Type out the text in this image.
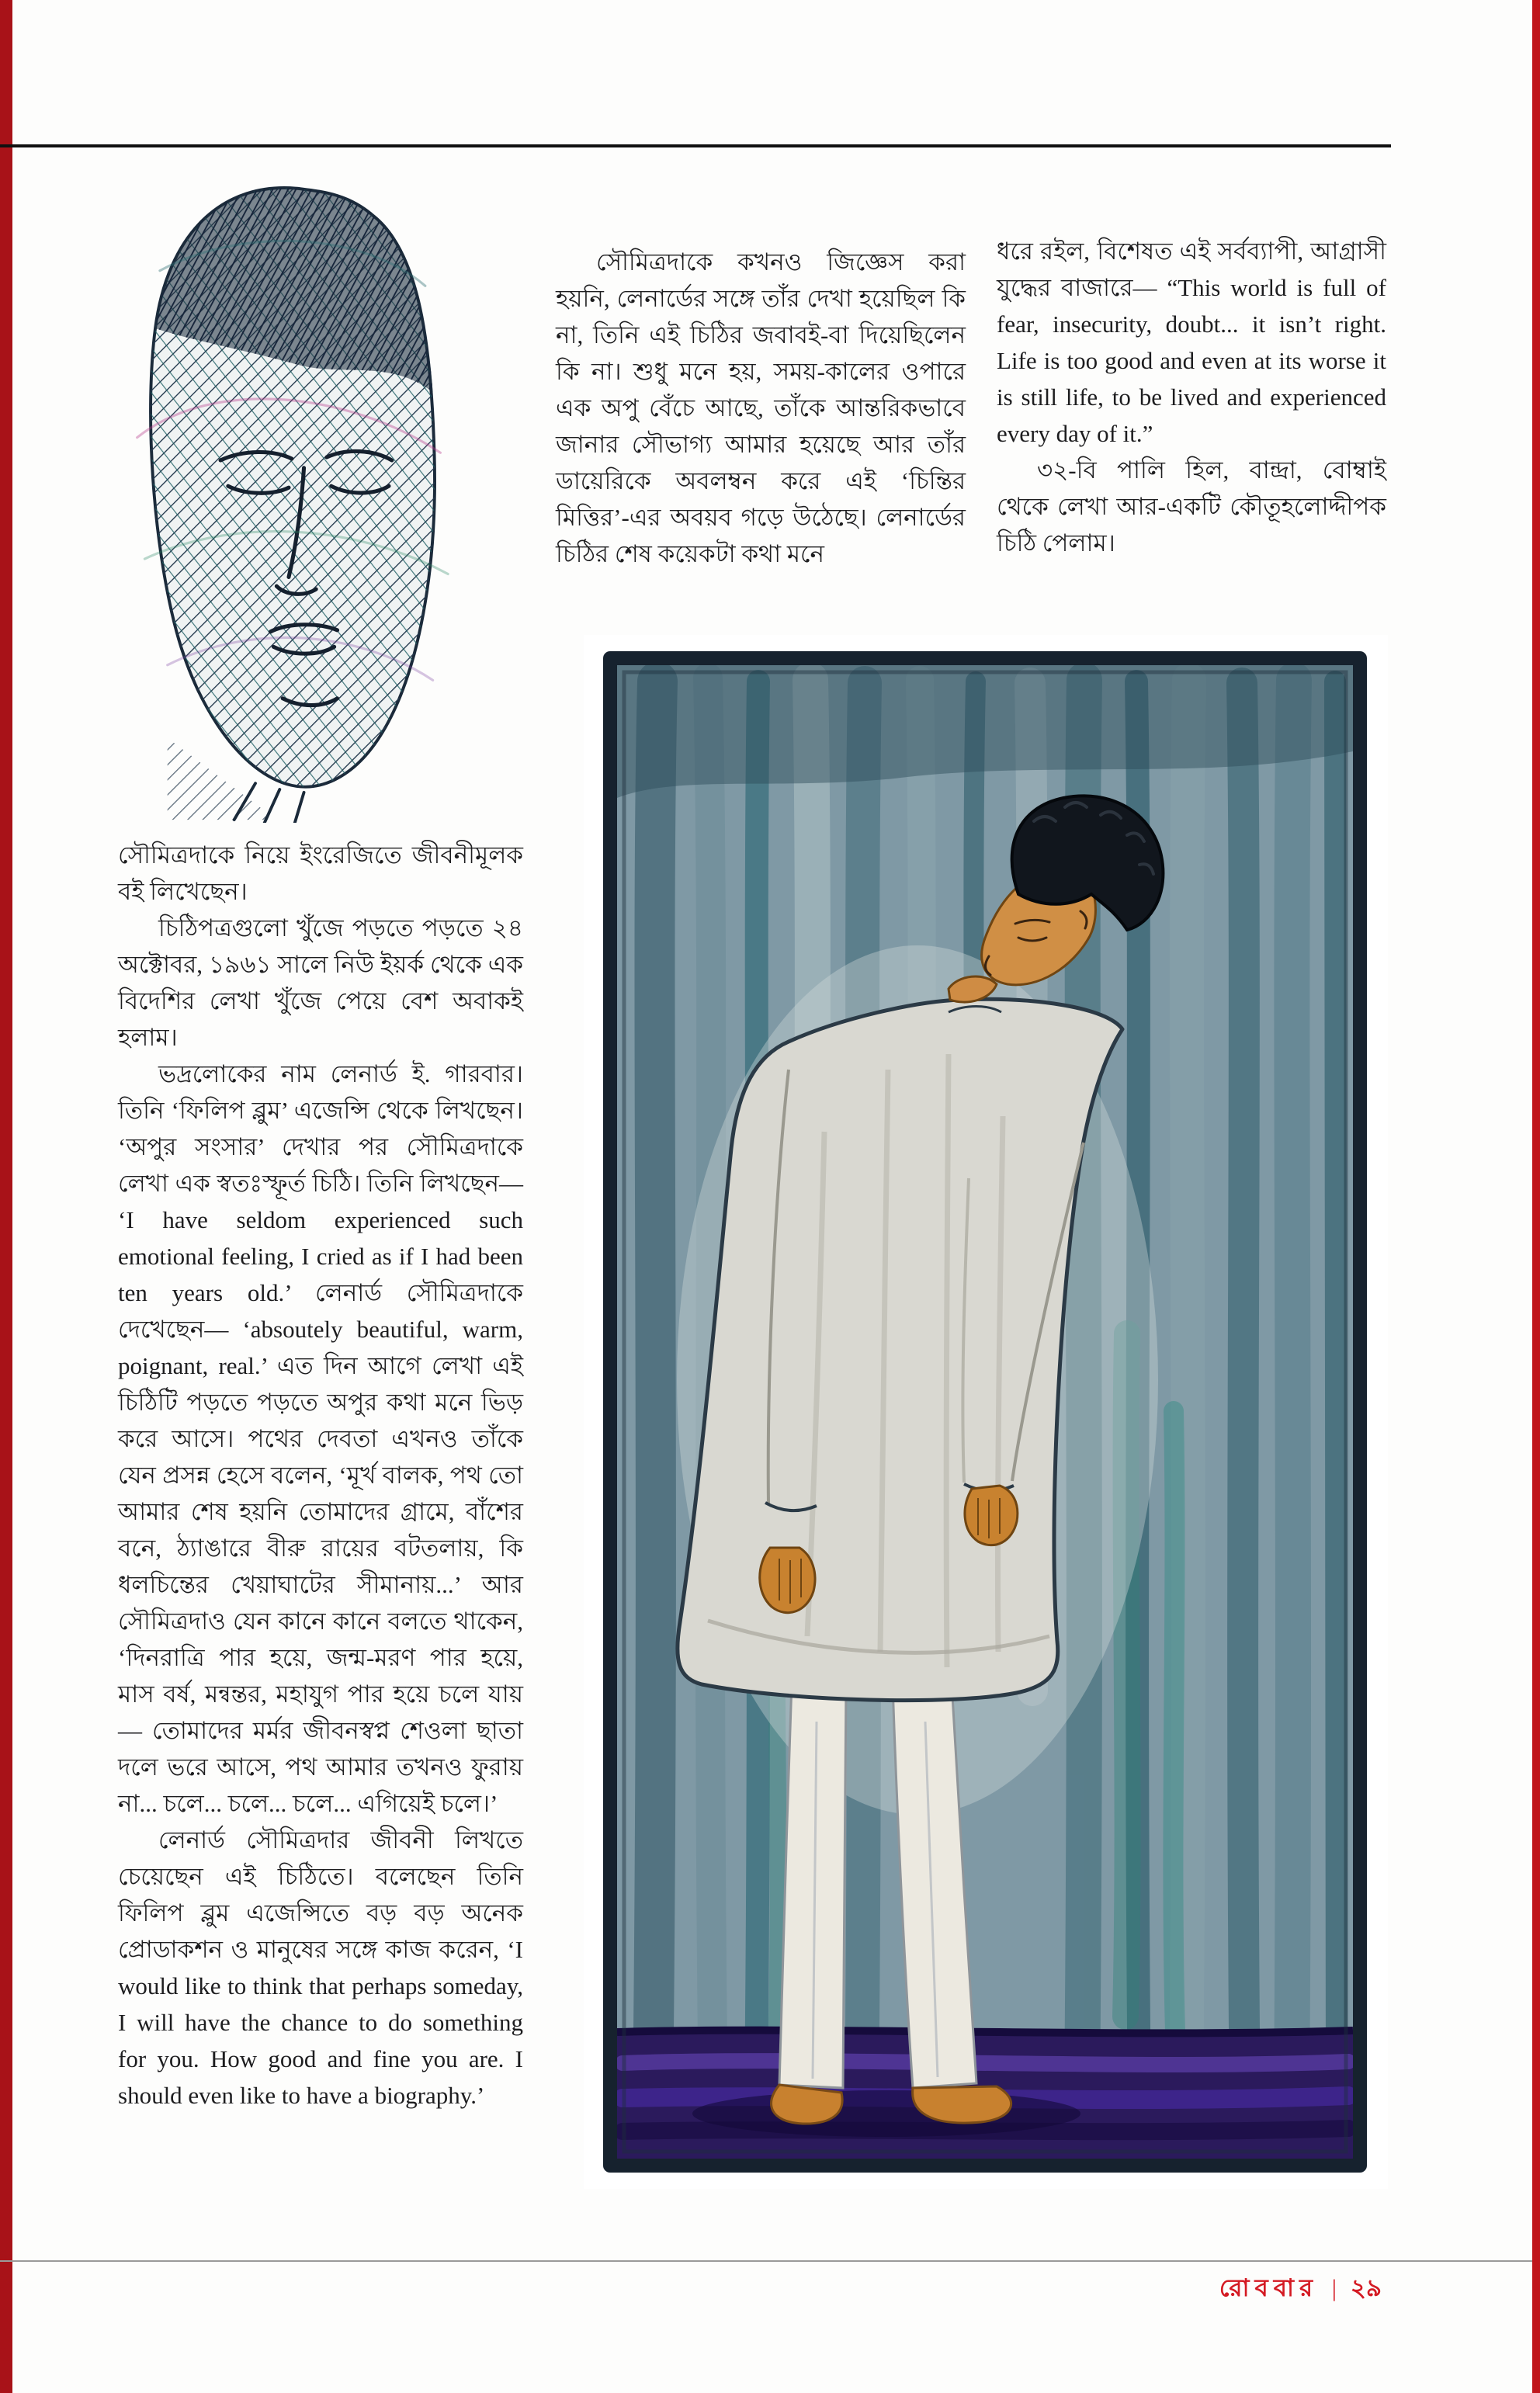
সৌমিত্রদাকে নিয়ে ইংরেজিতে জীবনীমূলক বই লিখেছেন।

চিঠিপত্রগুলো খুঁজে পড়তে পড়তে ২৪ অক্টোবর, ১৯৬১ সালে নিউ ইয়র্ক থেকে এক বিদেশির লেখা খুঁজে পেয়ে বেশ অবাকই হলাম।

ভদ্রলোকের নাম লেনার্ড ই. গারবার। তিনি ‘ফিলিপ ব্লুম’ এজেন্সি থেকে লিখছেন। ‘অপুর সংসার’ দেখার পর সৌমিত্রদাকে লেখা এক স্বতঃস্ফূর্ত চিঠি। তিনি লিখছেন— ‘I have seldom experienced such emotional feeling, I cried as if I had been ten years old.’ লেনার্ড সৌমিত্রদাকে দেখেছেন— ‘absoutely beautiful, warm, poignant, real.’ এত দিন আগে লেখা এই চিঠিটি পড়তে পড়তে অপুর কথা মনে ভিড় করে আসে। পথের দেবতা এখনও তাঁকে যেন প্রসন্ন হেসে বলেন, ‘মূর্খ বালক, পথ তো আমার শেষ হয়নি তোমাদের গ্রামে, বাঁশের বনে, ঠ্যাঙারে বীরু রায়ের বটতলায়, কি ধলচিন্তের খেয়াঘাটের সীমানায়...’ আর সৌমিত্রদাও যেন কানে কানে বলতে থাকেন, ‘দিনরাত্রি পার হয়ে, জন্ম-মরণ পার হয়ে, মাস বর্ষ, মন্বন্তর, মহাযুগ পার হয়ে চলে যায়— তোমাদের মর্মর জীবনস্বপ্ন শেওলা ছাতা দলে ভরে আসে, পথ আমার তখনও ফুরায় না... চলে... চলে... চলে... এগিয়েই চলে।’

লেনার্ড সৌমিত্রদার জীবনী লিখতে চেয়েছেন এই চিঠিতে। বলেছেন তিনি ফিলিপ ব্লুম এজেন্সিতে বড় বড় অনেক প্রোডাকশন ও মানুষের সঙ্গে কাজ করেন, ‘I would like to think that perhaps someday, I will have the chance to do something for you. How good and fine you are. I should even like to have a biography.’

সৌমিত্রদাকে কখনও জিজ্ঞেস করা হয়নি, লেনার্ডের সঙ্গে তাঁর দেখা হয়েছিল কি না, তিনি এই চিঠির জবাবই-বা দিয়েছিলেন কি না। শুধু মনে হয়, সময়-কালের ওপারে এক অপু বেঁচে আছে, তাঁকে আন্তরিকভাবে জানার সৌভাগ্য আমার হয়েছে আর তাঁর ডায়েরিকে অবলম্বন করে এই ‘চিন্তির মিত্তির’-এর অবয়ব গড়ে উঠেছে। লেনার্ডের চিঠির শেষ কয়েকটা কথা মনে

ধরে রইল, বিশেষত এই সর্বব্যাপী, আগ্রাসী যুদ্ধের বাজারে— “This world is full of fear, insecurity, doubt... it isn’t right. Life is too good and even at its worse it is still life, to be lived and experienced every day of it.”

৩২-বি পালি হিল, বান্দ্রা, বোম্বাই থেকে লেখা আর-একটি কৌতূহলোদ্দীপক চিঠি পেলাম।

রোববার | ২৯
